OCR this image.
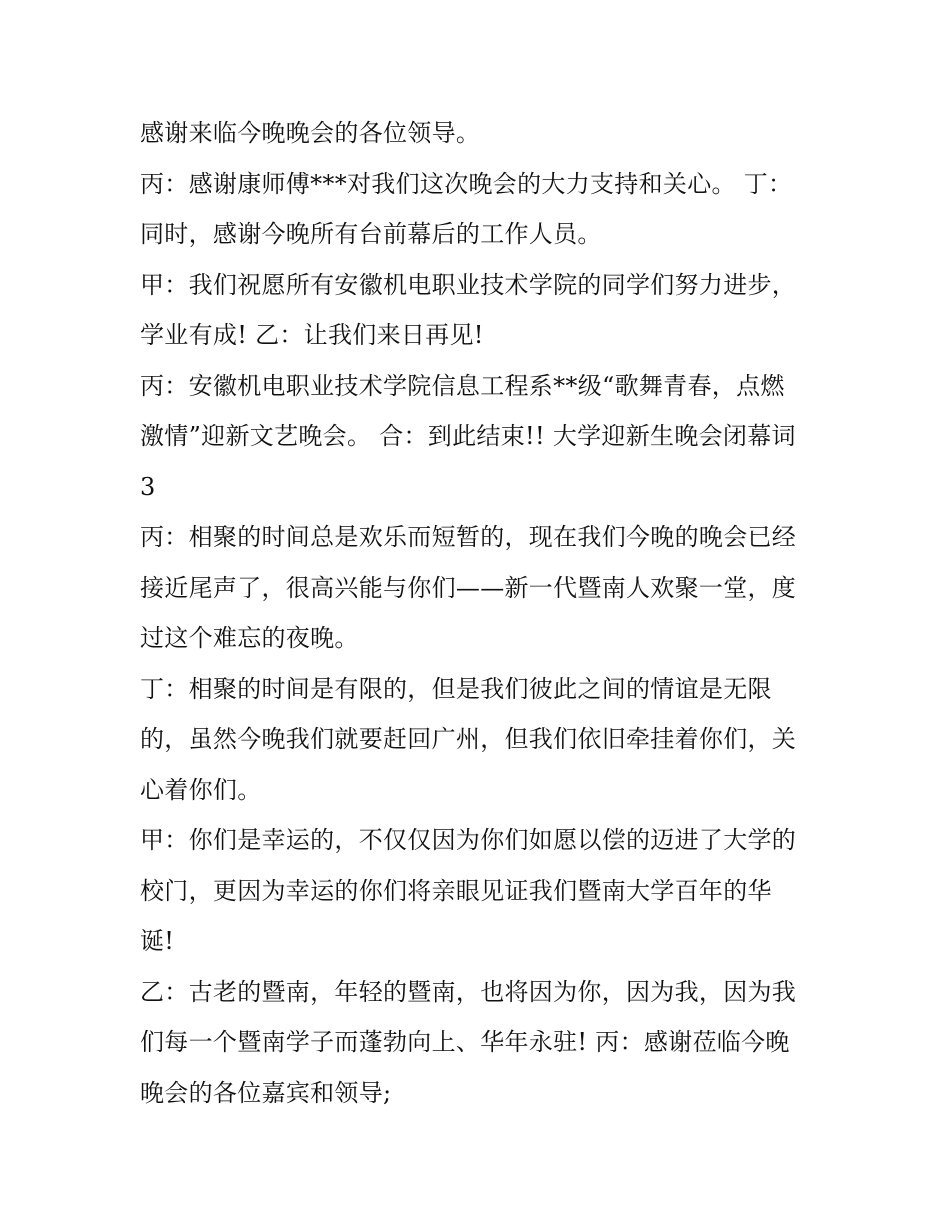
感谢来临今晚晚会的各位领导。
丙：感谢康师傅***对我们这次晚会的大力支持和关心。 丁：
同时，感谢今晚所有台前幕后的工作人员。
甲：我们祝愿所有安徽机电职业技术学院的同学们努力进步，
学业有成! 乙：让我们来日再见!
丙：安徽机电职业技术学院信息工程系**级“歌舞青春，点燃
激情”迎新文艺晚会。 合：到此结束!! 大学迎新生晚会闭幕词
3
丙：相聚的时间总是欢乐而短暂的，现在我们今晚的晚会已经
接近尾声了，很高兴能与你们——新一代暨南人欢聚一堂，度
过这个难忘的夜晚。
丁：相聚的时间是有限的，但是我们彼此之间的情谊是无限
的，虽然今晚我们就要赶回广州，但我们依旧牵挂着你们，关
心着你们。
甲：你们是幸运的，不仅仅因为你们如愿以偿的迈进了大学的
校门，更因为幸运的你们将亲眼见证我们暨南大学百年的华
诞!
乙：古老的暨南，年轻的暨南，也将因为你，因为我，因为我
们每一个暨南学子而蓬勃向上、华年永驻! 丙：感谢莅临今晚
晚会的各位嘉宾和领导;
